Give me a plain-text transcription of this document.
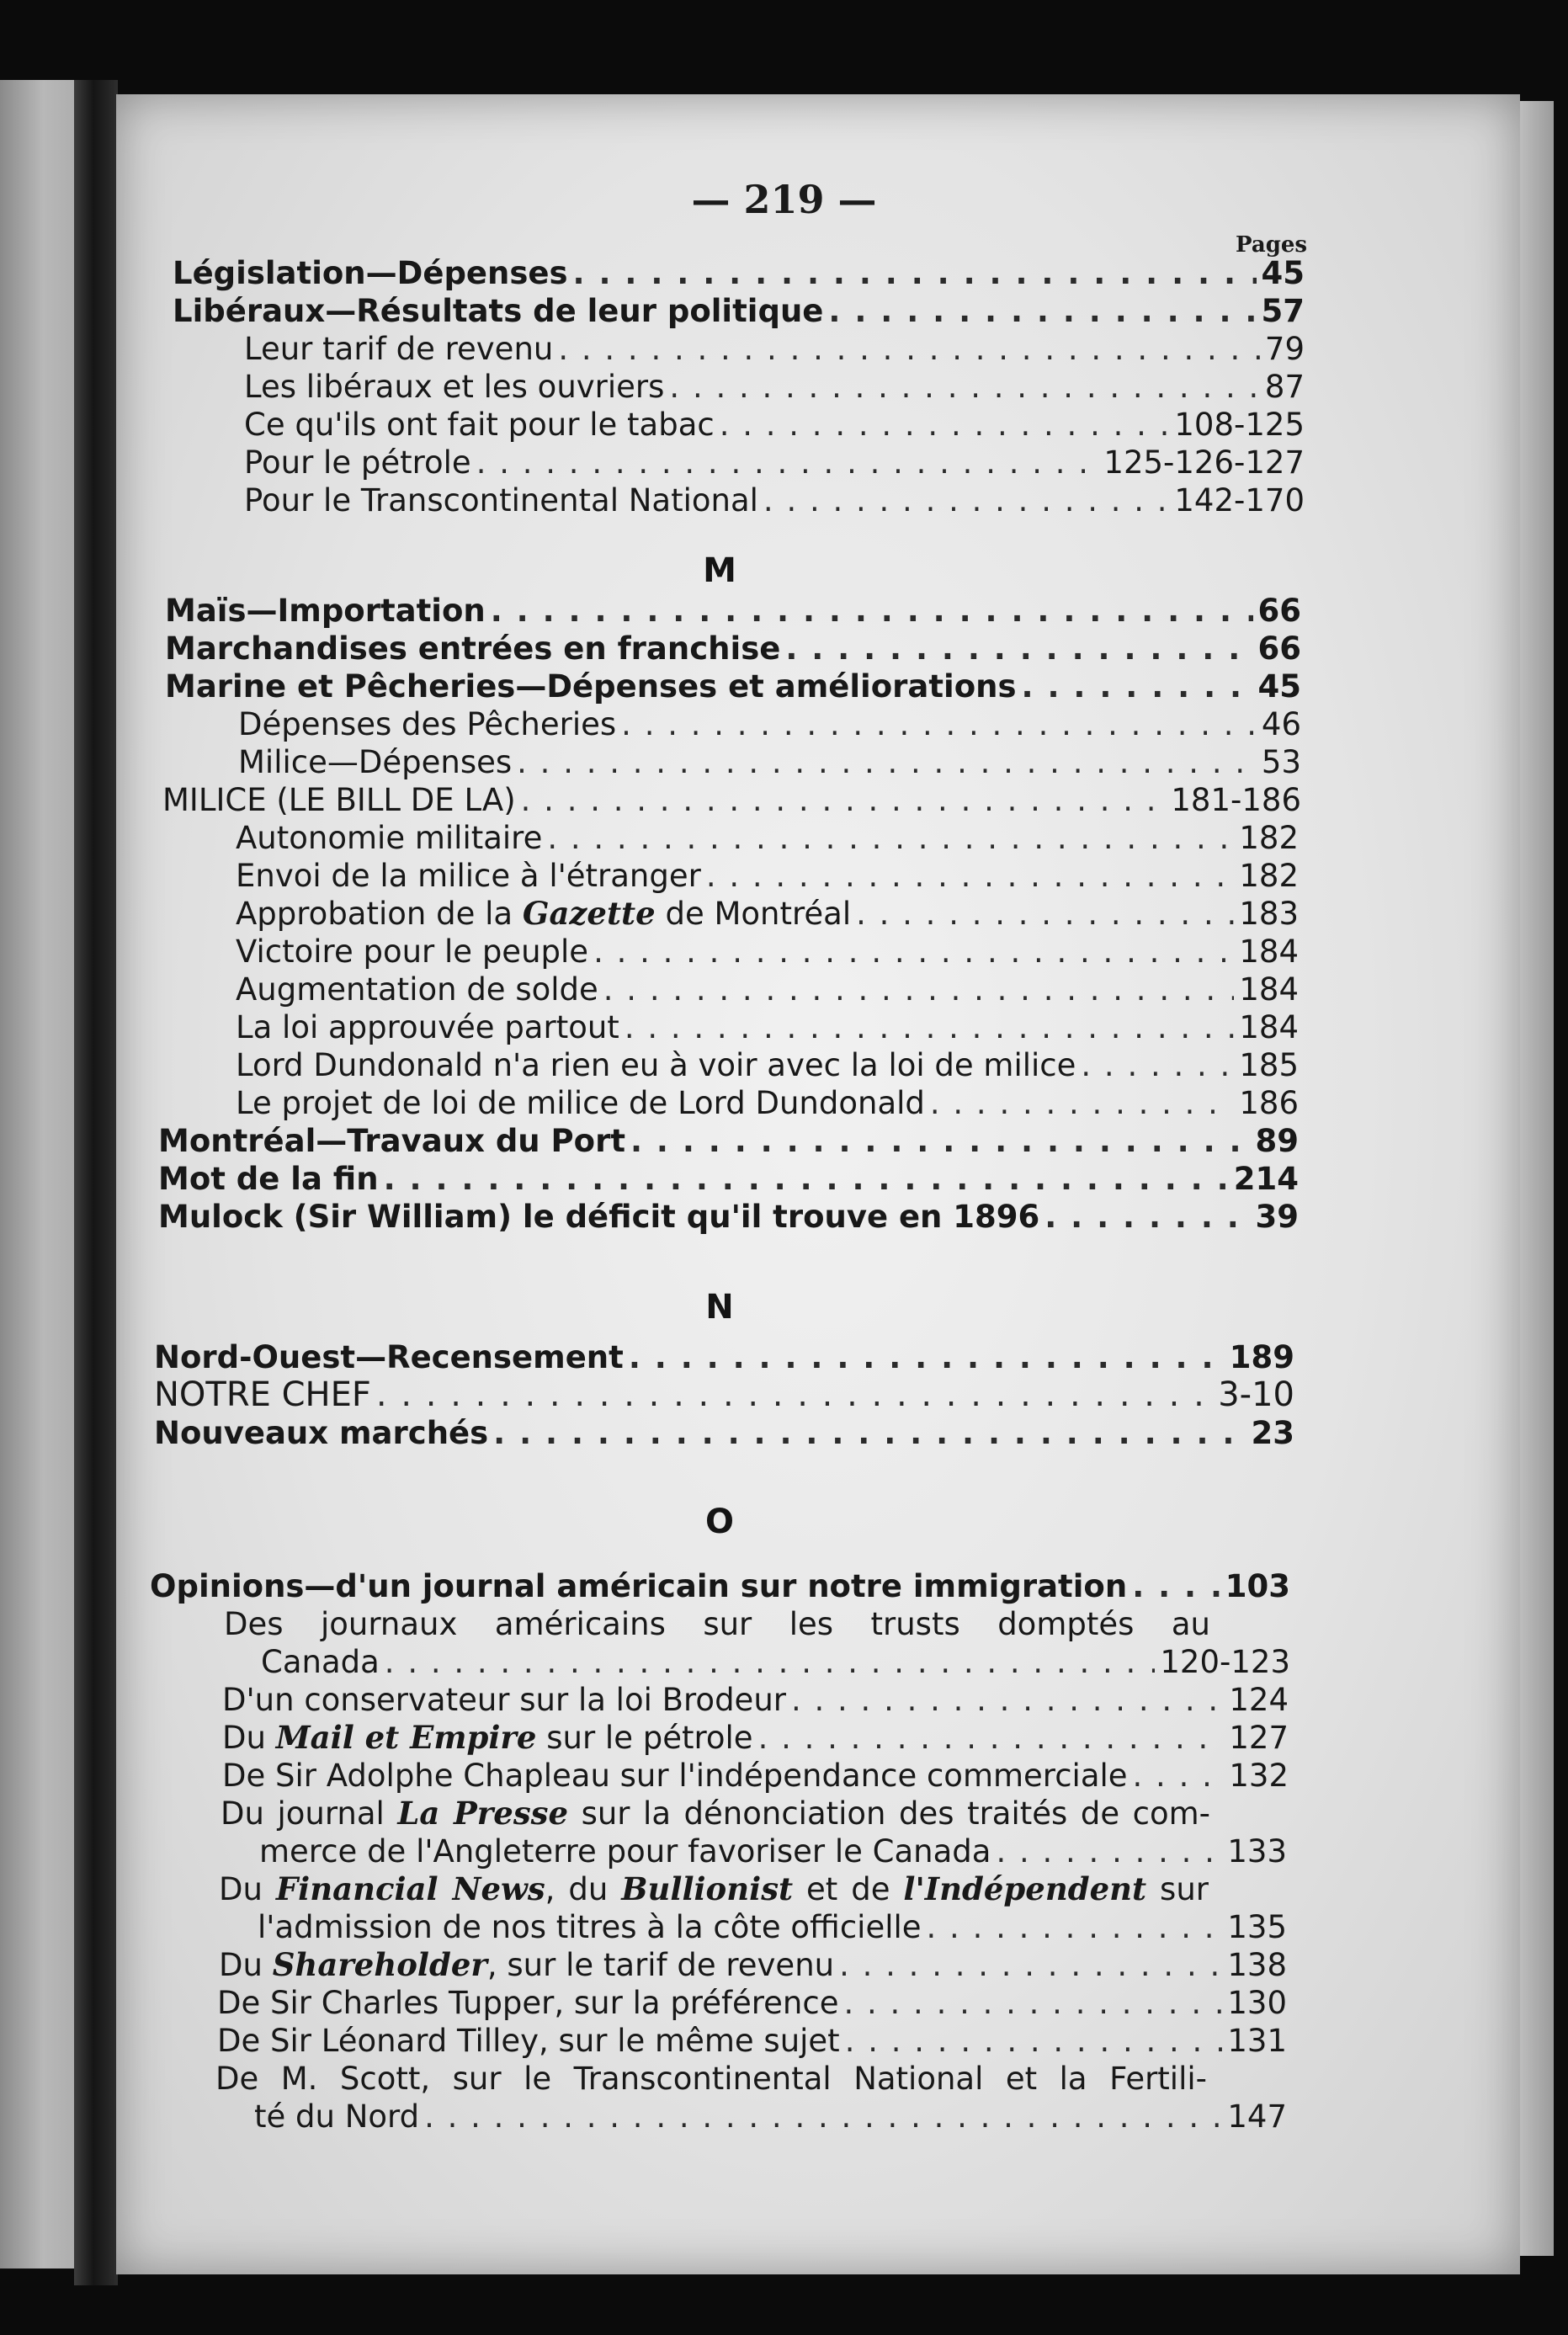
— 219 —
Pages
Législation—Dépenses . . .	45
Libéraux—Résultats de leur politique . . .	57
Leur tarif de revenu . . .	79
Les libéraux et les ouvriers . . .	87
Ce qu'ils ont fait pour le tabac . . .	108-125
Pour le pétrole . . .	125-126-127
Pour le Transcontinental National . . .	142-170
M
Maïs—Importation . . .	66
Marchandises entrées en franchise . . .	66
Marine et Pêcheries—Dépenses et améliorations . . .	45
Dépenses des Pêcheries . . .	46
Milice—Dépenses . . .	53
MILICE (LE BILL DE LA) . . .	181-186
Autonomie militaire . . .	182
Envoi de la milice à l'étranger . . .	182
Approbation de la Gazette de Montréal . . .	183
Victoire pour le peuple . . .	184
Augmentation de solde . . .	184
La loi approuvée partout . . .	184
Lord Dundonald n'a rien eu à voir avec la loi de milice . . .	185
Le projet de loi de milice de Lord Dundonald . . .	186
Montréal—Travaux du Port . . .	89
Mot de la fin . . .	214
Mulock (Sir William) le déficit qu'il trouve en 1896 . . .	39
N
Nord-Ouest—Recensement . . .	189
NOTRE CHEF . . .	3-10
Nouveaux marchés . . .	23
O
Opinions—d'un journal américain sur notre immigration . . .	103
Des journaux américains sur les trusts domptés au
Canada . . .	120-123
D'un conservateur sur la loi Brodeur . . .	124
Du Mail et Empire sur le pétrole . . .	127
De Sir Adolphe Chapleau sur l'indépendance commerciale . . .	132
Du journal La Presse sur la dénonciation des traités de com-
merce de l'Angleterre pour favoriser le Canada . . .	133
Du Financial News, du Bullionist et de l'Indépendent sur
l'admission de nos titres à la côte officielle . . .	135
Du Shareholder, sur le tarif de revenu . . .	138
De Sir Charles Tupper, sur la préférence . . .	130
De Sir Léonard Tilley, sur le même sujet . . .	131
De M. Scott, sur le Transcontinental National et la Fertili-
té du Nord . . .	147
